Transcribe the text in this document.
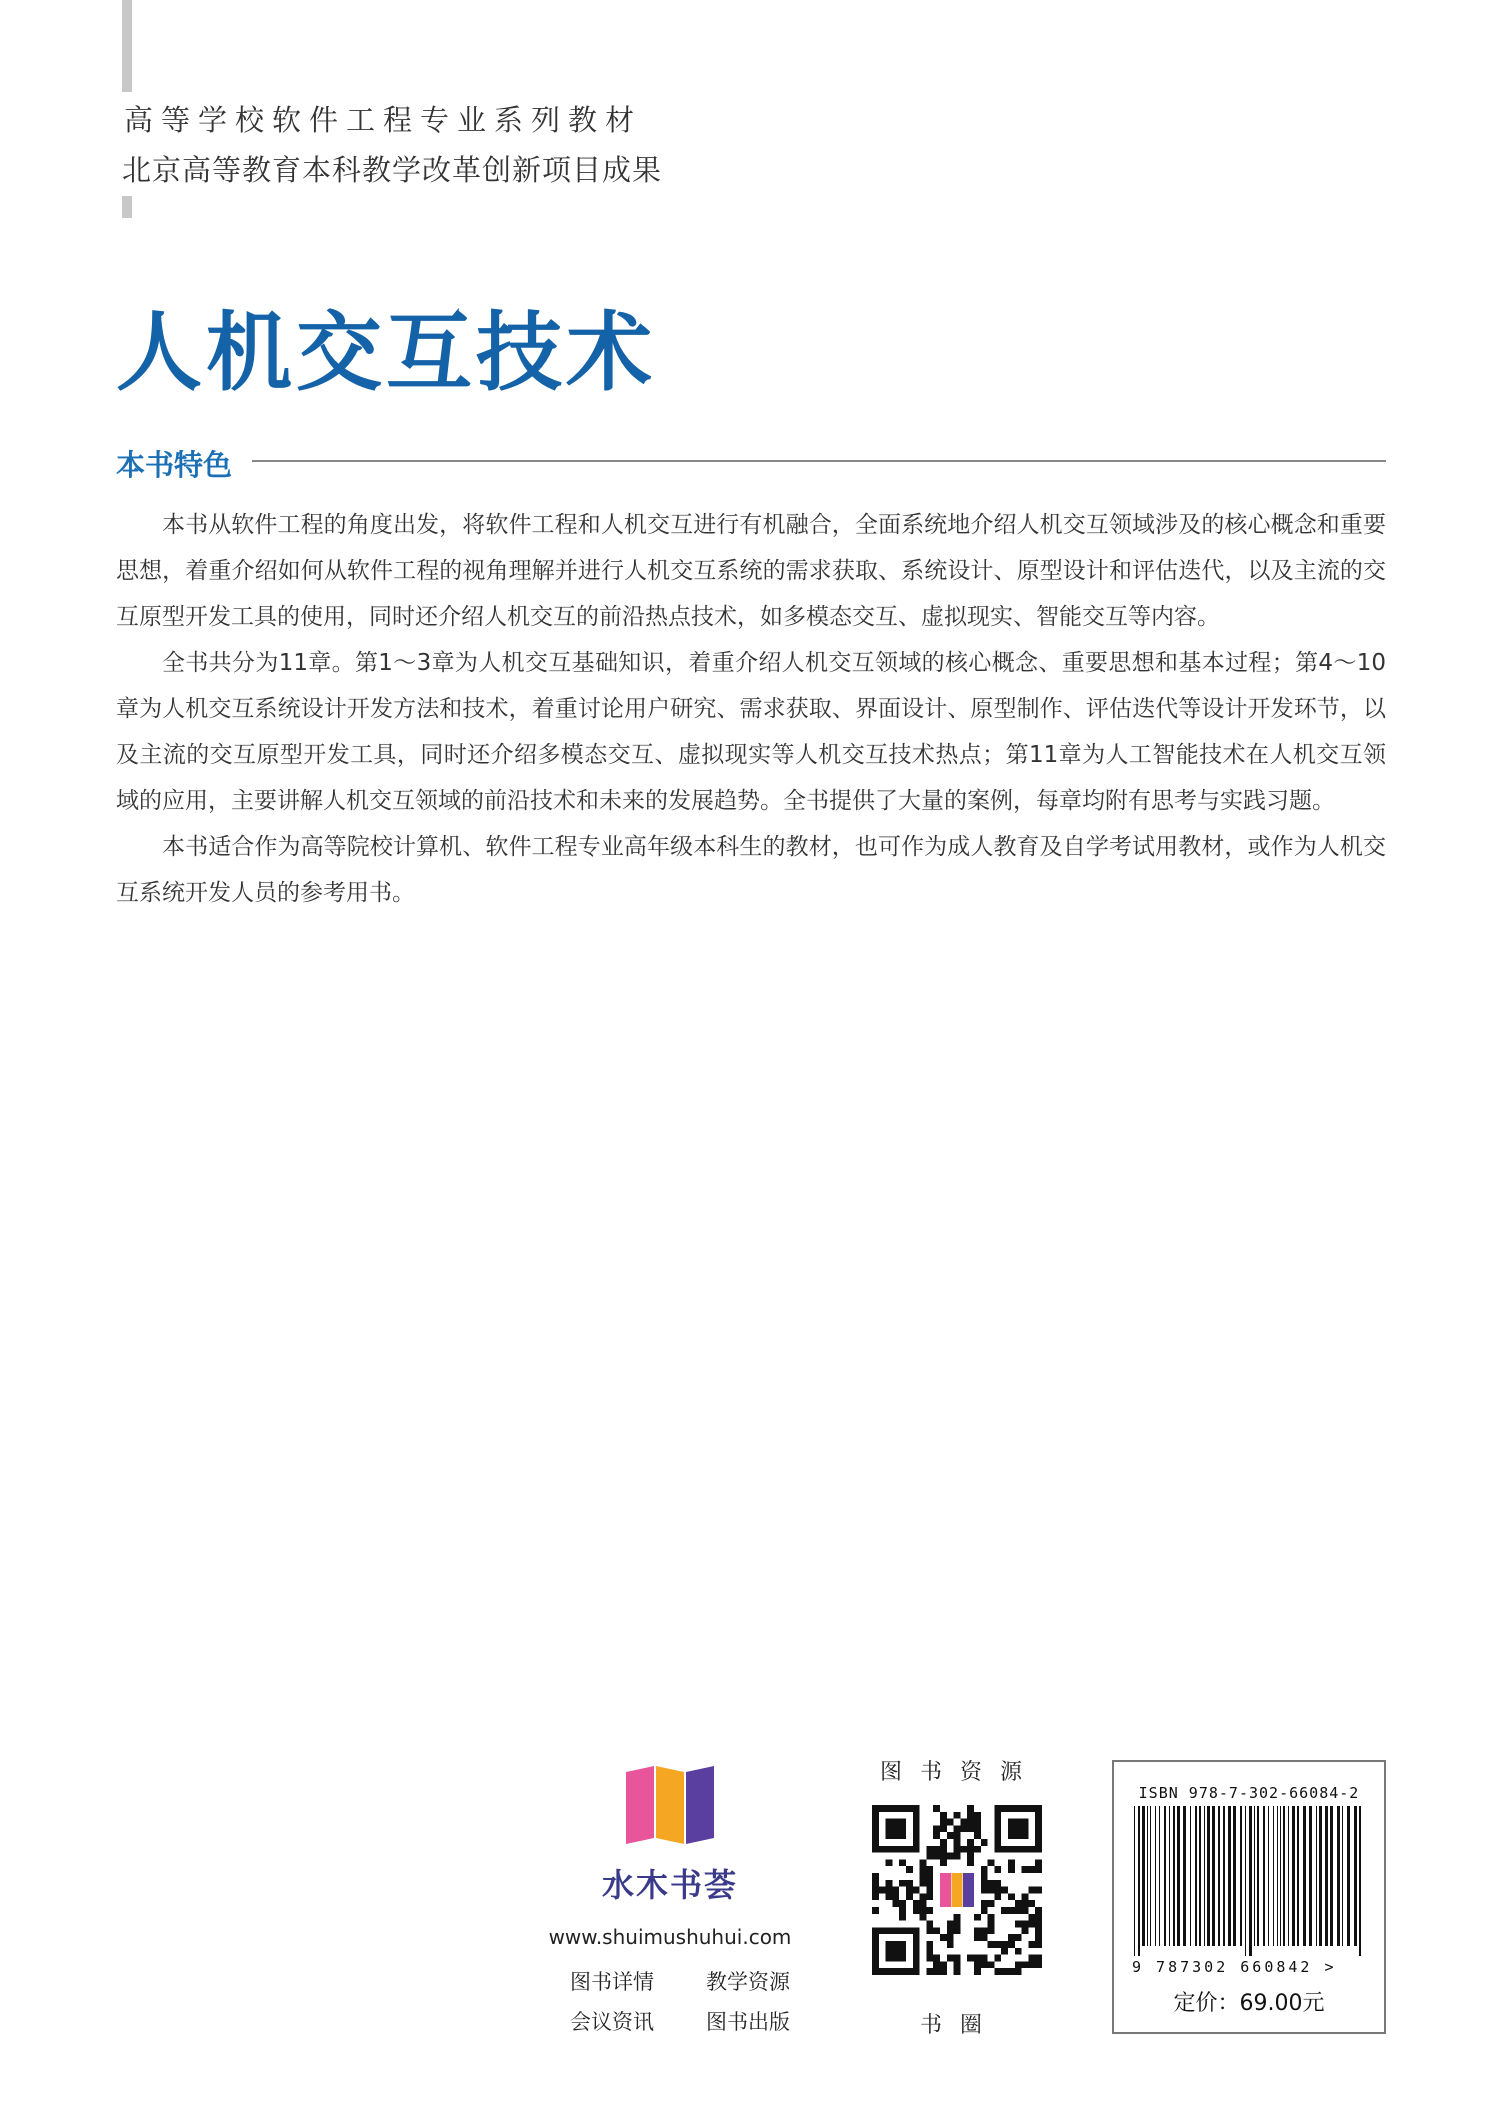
高等学校软件工程专业系列教材

北京高等教育本科教学改革创新项目成果

人机交互技术
本书特色

本书从软件工程的角度出发，将软件工程和人机交互进行有机融合，全面系统地介绍人机交互领域涉及的核心概念和重要思想，着重介绍如何从软件工程的视角理解并进行人机交互系统的需求获取、系统设计、原型设计和评估迭代，以及主流的交互原型开发工具的使用，同时还介绍人机交互的前沿热点技术，如多模态交互、虚拟现实、智能交互等内容。

全书共分为11章。第1～3章为人机交互基础知识，着重介绍人机交互领域的核心概念、重要思想和基本过程；第4～10章为人机交互系统设计开发方法和技术，着重讨论用户研究、需求获取、界面设计、原型制作、评估迭代等设计开发环节，以及主流的交互原型开发工具，同时还介绍多模态交互、虚拟现实等人机交互技术热点；第11章为人工智能技术在人机交互领域的应用，主要讲解人机交互领域的前沿技术和未来的发展趋势。全书提供了大量的案例，每章均附有思考与实践习题。

本书适合作为高等院校计算机、软件工程专业高年级本科生的教材，也可作为成人教育及自学考试用教材，或作为人机交互系统开发人员的参考用书。

水木书荟
www.shuimushuhui.com
图书详情 教学资源
会议资讯 图书出版
图书资源
书圈
ISBN 978-7-302-66084-2
9 787302 660842 >
定价：69.00元
